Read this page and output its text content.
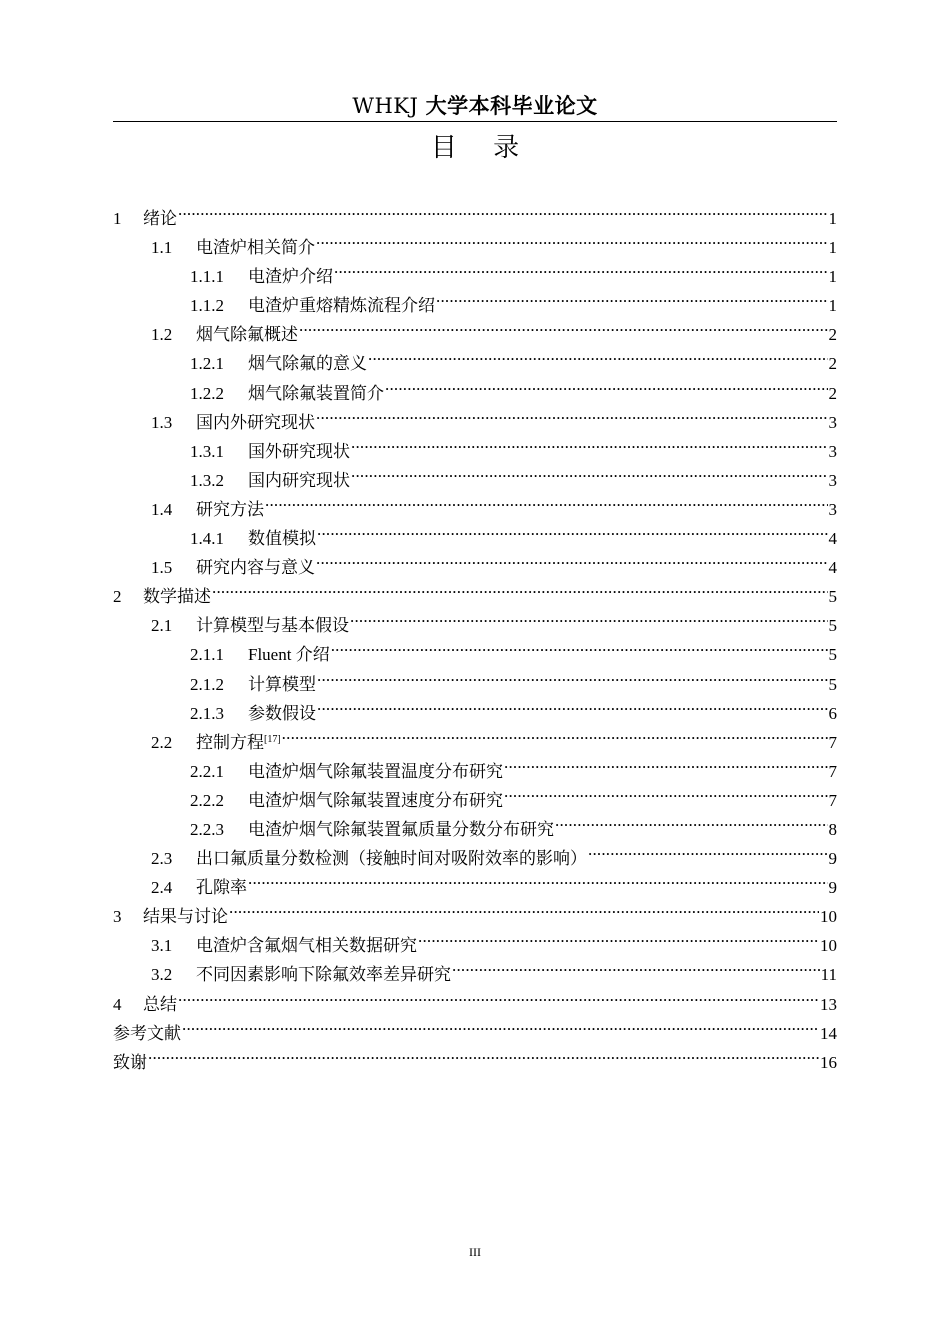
WHKJ 大学本科毕业论文
目 录
1	绪论 .....	1
1.1	电渣炉相关简介 .....	1
1.1.1	电渣炉介绍 .....	1
1.1.2	电渣炉重熔精炼流程介绍 .....	1
1.2	烟气除氟概述 .....	2
1.2.1	烟气除氟的意义 .....	2
1.2.2	烟气除氟装置简介 .....	2
1.3	国内外研究现状 .....	3
1.3.1	国外研究现状 .....	3
1.3.2	国内研究现状 .....	3
1.4	研究方法 .....	3
1.4.1	数值模拟 .....	4
1.5	研究内容与意义 .....	4
2	数学描述 .....	5
2.1	计算模型与基本假设 .....	5
2.1.1	Fluent 介绍 .....	5
2.1.2	计算模型 .....	5
2.1.3	参数假设 .....	6
2.2	控制方程[17] .....	7
2.2.1	电渣炉烟气除氟装置温度分布研究 .....	7
2.2.2	电渣炉烟气除氟装置速度分布研究 .....	7
2.2.3	电渣炉烟气除氟装置氟质量分数分布研究 .....	8
2.3	出口氟质量分数检测（接触时间对吸附效率的影响） .....	9
2.4	孔隙率 .....	9
3	结果与讨论 .....	10
3.1	电渣炉含氟烟气相关数据研究 .....	10
3.2	不同因素影响下除氟效率差异研究 .....	11
4	总结 .....	13
参考文献 .....	14
致谢 .....	16
III
